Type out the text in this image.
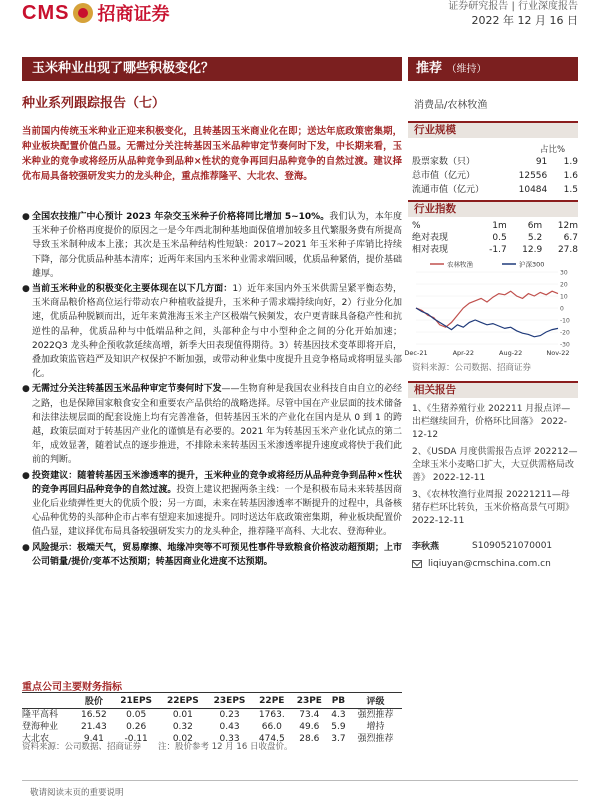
CMS 招商证券	证券研究报告 | 行业深度报告
2022 年 12 月 16 日
玉米种业出现了哪些积极变化？	推荐 （维持）
种业系列跟踪报告（七）	消费品/农林牧渔
当前国内传统玉米种业正迎来积极变化，且转基因玉米商业化在即；送达年底政策密集期，种业板块配置价值凸显。无需过分关注转基因玉米品种审定节奏何时下发，中长期来看，玉米种业的竞争或将经历从品种竞争到品种×性状的竞争再回归品种竞争的自然过渡。建议择优布局具备较强研发实力的龙头种企，重点推荐隆平、大北农、登海。
● 全国农技推广中心预计 2023 年杂交玉米种子价格将同比增加 5~10%。我们认为，本年度玉米种子价格再度提价的原因之一是今年西北制种基地面保值增加较多且代繁服务费有所提高导致玉米制种成本上涨；其次是玉米品种结构性短缺：2017~2021 年玉米种子库销比持续下降，部分优质品种基本清库；近两年来国内玉米种业需求端回暖，优质品种紧俏，提价基础雄厚。
● 当前玉米种业的积极变化主要体现在以下几方面：1）近年来国内外玉米供需呈紧平衡态势，玉米商品粮价格高位运行带动农户种植收益提升，玉米种子需求端持续向好，2）行业分化加速，优质品种脱颖而出，近年来黄淮海玉米主产区极端气候频发，农户更青睐具备稳产性和抗逆性的品种，优质品种与中低端品种之间，头部种企与中小型种企之间的分化开始加速；2022Q3 龙头种企预收款延续高增，新季大田表现值得期待。3）转基因技术变革即将开启，叠加政策监管趋严及知识产权保护不断加强，或带动种业集中度提升且竞争格局或将明显头部化。
● 无需过分关注转基因玉米品种审定节奏何时下发——生物育种是我国农业科技自由自立的必经之路，也是保障国家粮食安全和重要农产品供给的战略选择。尽管中国在产业层面的技术储备和法律法规层面的配套设施上均有完善准备，但转基因玉米的产业化在国内是从 0 到 1 的跨越，政策层面对于转基因产业化的谨慎是有必要的。2021 年为转基因玉米产业化试点的第二年，成效显著，随着试点的逐步推进，不排除未来转基因玉米渗透率提升速度或将快于我们此前的判断。
● 投资建议：随着转基因玉米渗透率的提升，玉米种业的竞争或将经历从品种竞争到品种×性状的竞争再回归品种竞争的自然过渡。投资上建议把握两条主线：一个是积极布局未来转基因商业化后业绩弹性更大的优质个股；另一方面，未来在转基因渗透率不断提升的过程中，具备核心品种优势的头部种企市占率有望迎来加速提升。同时送达年底政策密集期，种业板块配置价值凸显，建议择优布局具备较强研发实力的龙头种企，推荐隆平高科、大北农、登海种业。
● 风险提示：极端天气，贸易摩擦、地缘冲突等不可预见性事件导致粮食价格波动超预期；上市公司销量/提价/变革不达预期；转基因商业化进度不达预期。
重点公司主要财务指标
	股价	21EPS	22EPS	23EPS	22PE	23PE	PB	评级
隆平高科	16.52	0.05	0.01	0.23	1763.	73.4	4.3	强烈推荐
登海种业	21.43	0.26	0.32	0.43	66.0	49.6	5.9	增持
大北农	9.41	-0.11	0.02	0.33	474.5	28.6	3.7	强烈推荐
资料来源：公司数据、招商证券　　注：股价参考 12 月 16 日收盘价。
敬请阅读末页的重要说明
行业规模
占比%
股票家数（只）	91	1.9
总市值（亿元）	12556	1.6
流通市值（亿元）	10484	1.5
行业指数
%	1m	6m	12m
绝对表现	0.5	5.2	6.7
相对表现	-1.7	12.9	27.8
-30
-20
-10
0
10
20
30
Dec-21	Apr-22	Aug-22	Nov-22
农林牧渔	沪深300
资料来源：公司数据、招商证券
相关报告
1、《生猪养殖行业 202211 月报点评—出栏继续回升，价格环比回落》 2022-12-12
2、《USDA 月度供需报告点评 202212—全球玉米小麦略口扩大，大豆供需格局改善》 2022-12-11
3、《农林牧渔行业周报 20221211—母猪存栏环比转负，玉米价格高景气可期》 2022-12-11
李秋燕	S1090521070001
liqiuyan@cmschina.com.cn
